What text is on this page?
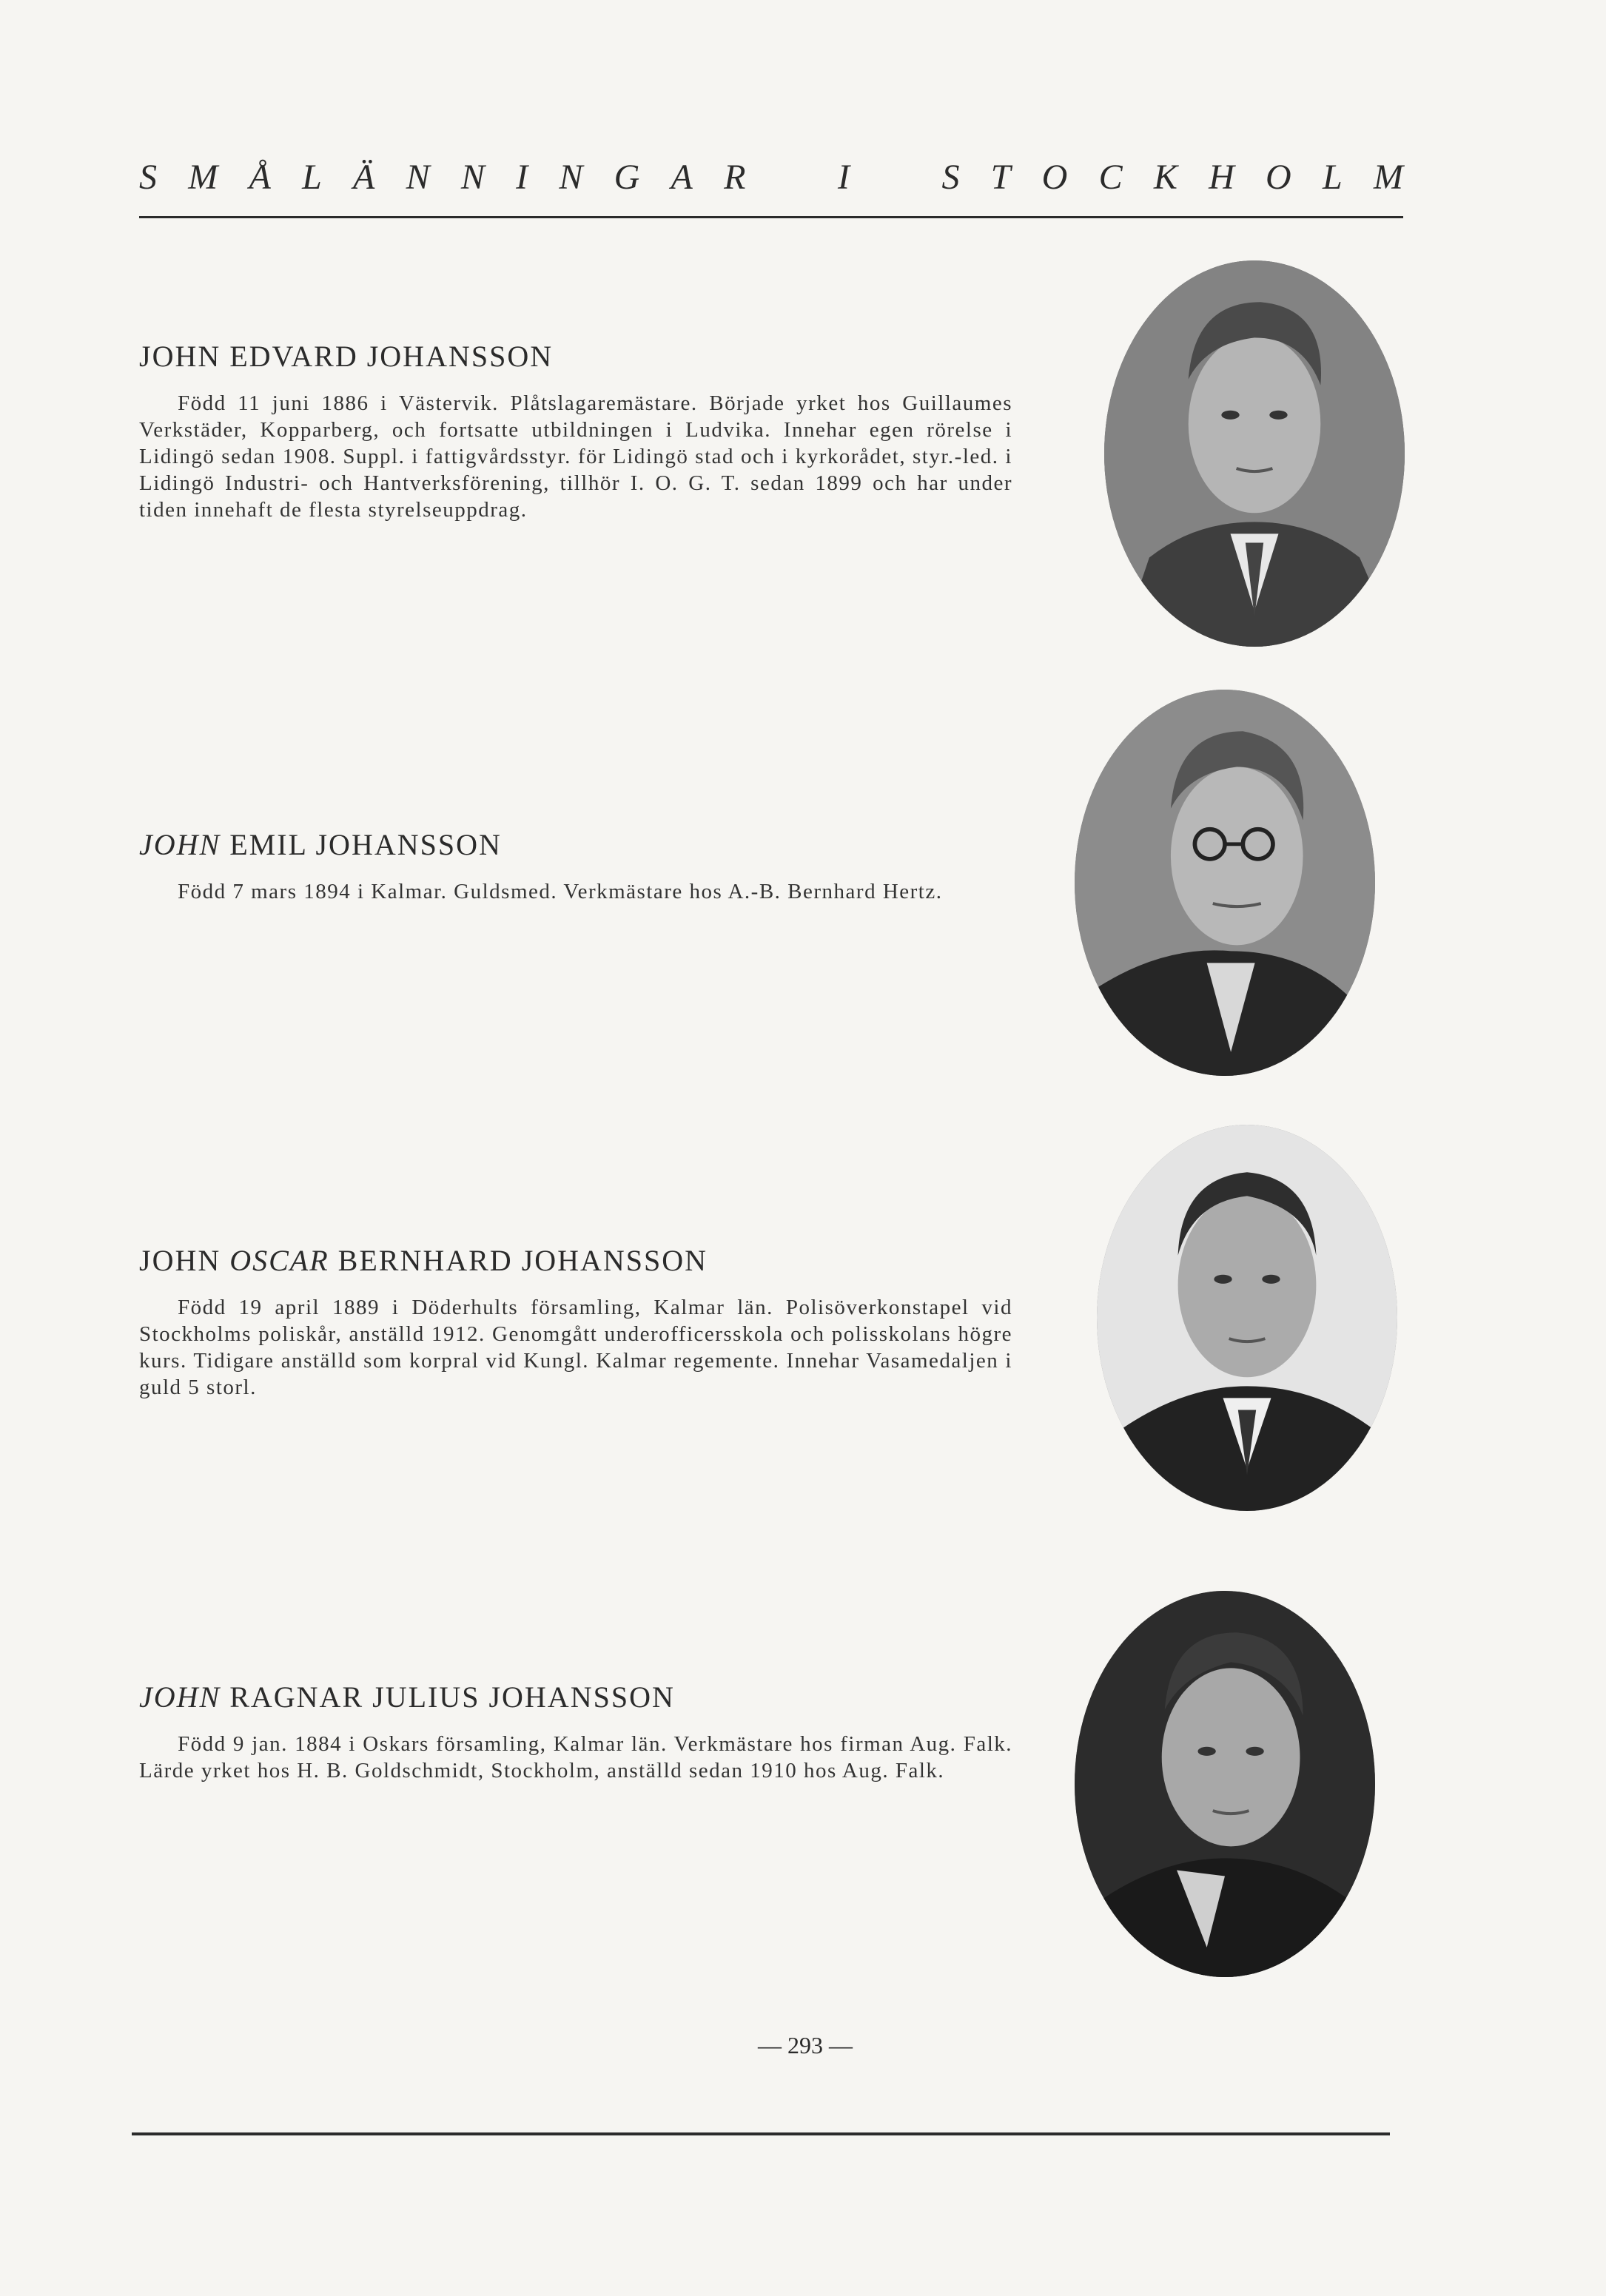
S M Å L Ä N N I N G A R	I	S T O C K H O L M

JOHN EDVARD JOHANSSON

Född 11 juni 1886 i Västervik. Plåtslagaremästare. Började yrket hos Guillaumes Verkstäder, Kopparberg, och fortsatte utbildningen i Ludvika. Innehar egen rörelse i Lidingö sedan 1908. Suppl. i fattigvårdsstyr. för Lidingö stad och i kyrkorådet, styr.-led. i Lidingö Industri- och Hantverksförening, tillhör I. O. G. T. sedan 1899 och har under tiden innehaft de flesta styrelseuppdrag.

JOHN EMIL JOHANSSON

Född 7 mars 1894 i Kalmar. Guldsmed. Verkmästare hos A.-B. Bernhard Hertz.

JOHN OSCAR BERNHARD JOHANSSON

Född 19 april 1889 i Döderhults församling, Kalmar län. Polisöverkonstapel vid Stockholms poliskår, anställd 1912. Genomgått underofficersskola och polisskolans högre kurs. Tidigare anställd som korpral vid Kungl. Kalmar regemente. Innehar Vasamedaljen i guld 5 storl.

JOHN RAGNAR JULIUS JOHANSSON

Född 9 jan. 1884 i Oskars församling, Kalmar län. Verkmästare hos firman Aug. Falk. Lärde yrket hos H. B. Goldschmidt, Stockholm, anställd sedan 1910 hos Aug. Falk.

— 293 —
